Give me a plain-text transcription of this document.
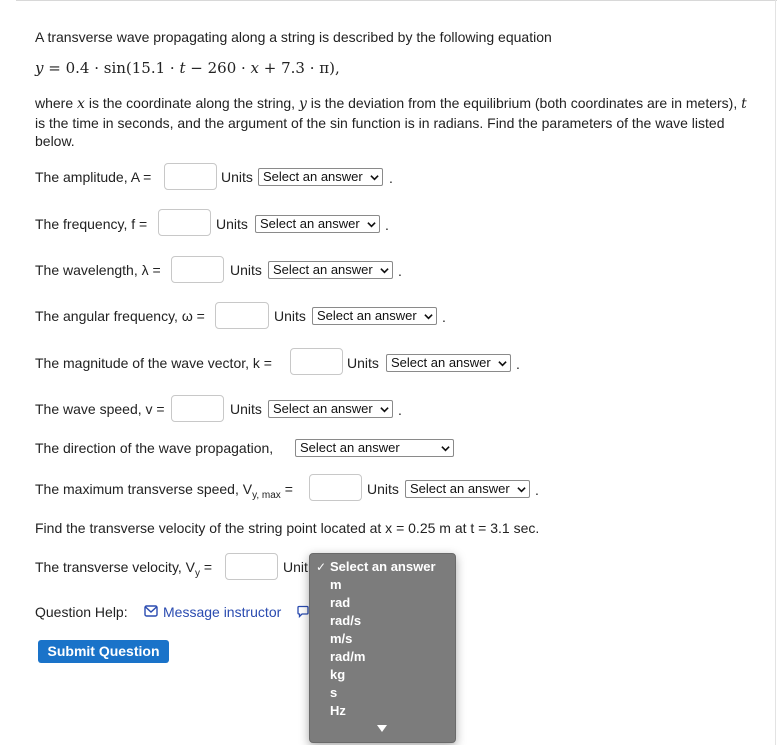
A transverse wave propagating along a string is described by the following equation
y = 0.4 · sin(15.1 · t − 260 · x + 7.3 · π),
where x is the coordinate along the string, y is the deviation from the equilibrium (both coordinates are in meters), t is the time in seconds, and the argument of the sin function is in radians. Find the parameters of the wave listed below.
The amplitude, A =	Units Select an answer	.
The frequency, f =	Units Select an answer	.
The wavelength, λ =	Units Select an answer	.
The angular frequency, ω =	Units Select an answer	.
The magnitude of the wave vector, k =	Units Select an answer	.
The wave speed, v =	Units Select an answer	.
The direction of the wave propagation,	Select an answer
The maximum transverse speed, $V_{y, max}$ =	Units Select an answer	.
Find the transverse velocity of the string point located at x = 0.25 m at t = 3.1 sec.
The transverse velocity, $V_y$ =	Unit
Question Help:	Message instructor
Submit Question
✓ Select an answer
m
rad
rad/s
m/s
rad/m
kg
s
Hz
